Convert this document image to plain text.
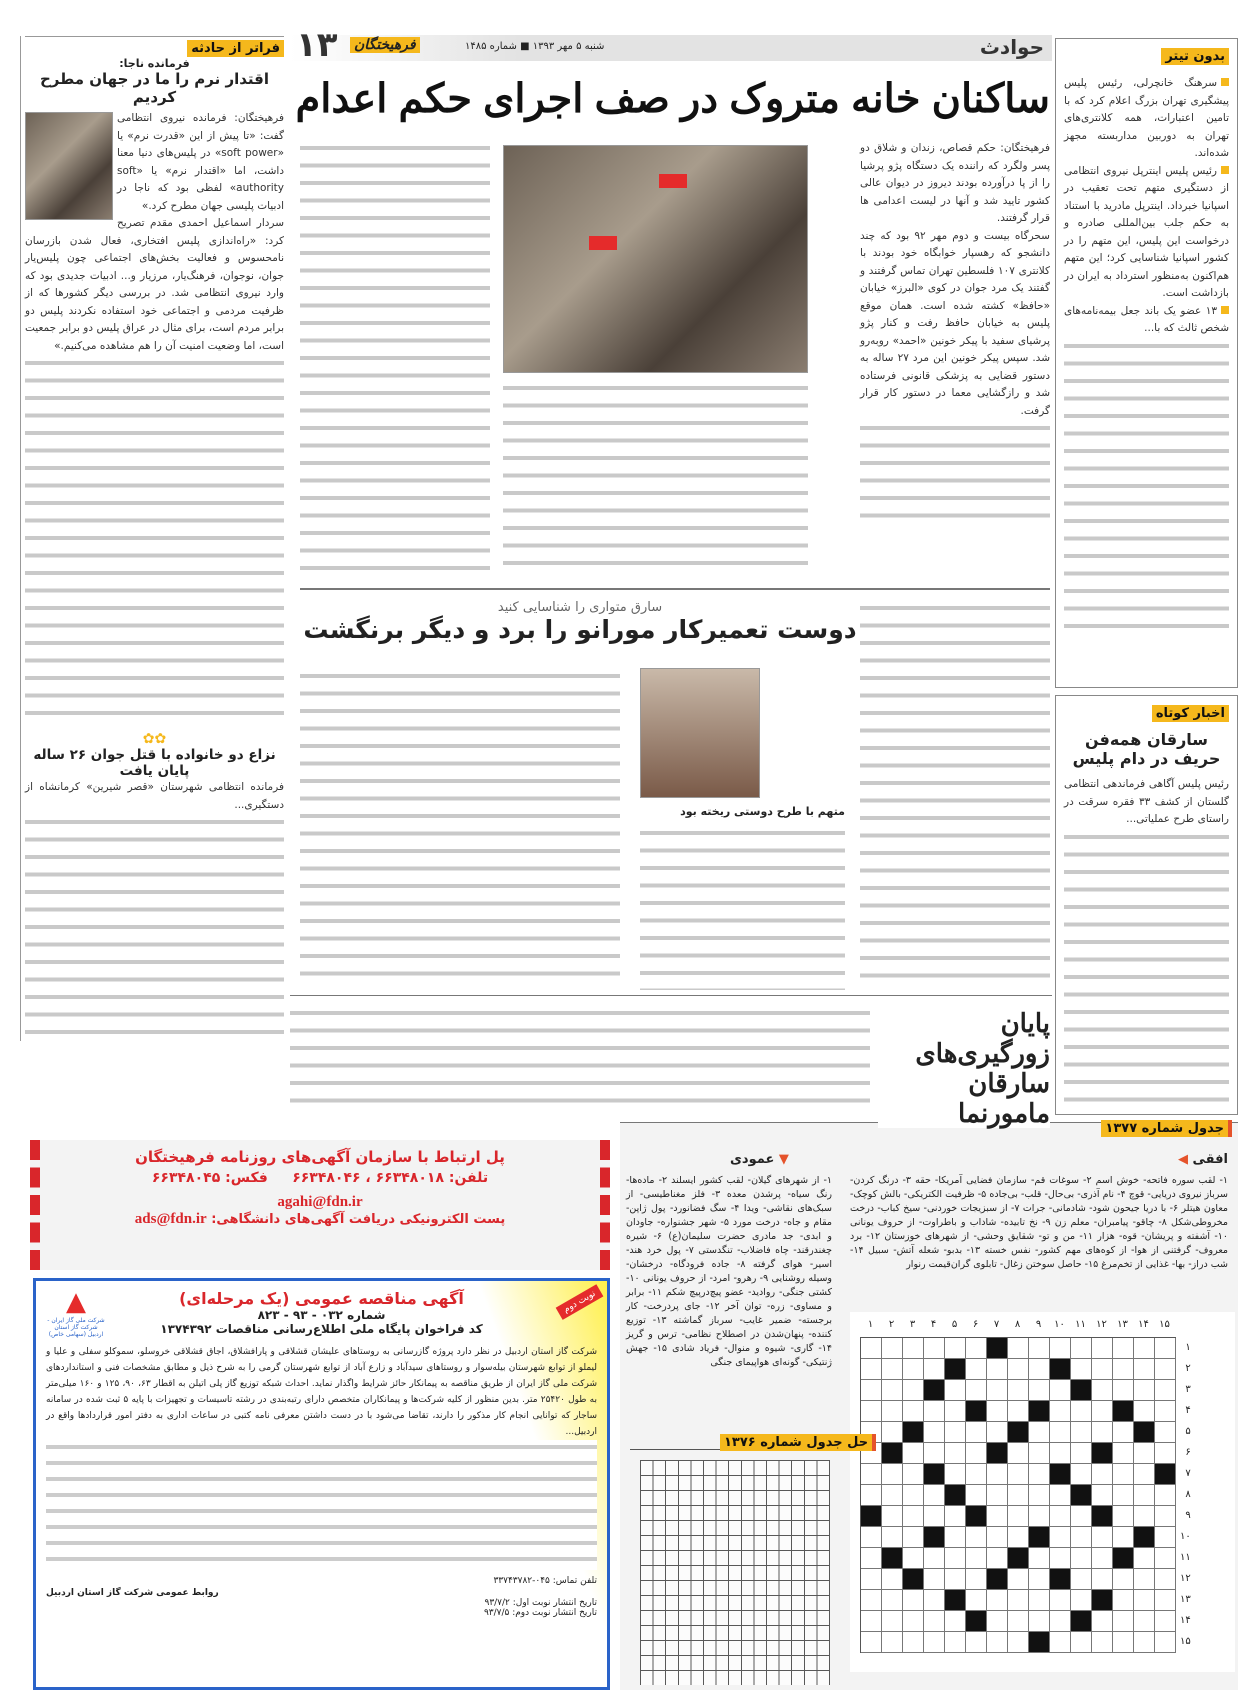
حوادث
شنبه ۵ مهر ۱۳۹۳ ■ شماره ۱۴۸۵
فرهیختگان
۱۳	بدون تیتر

سرهنگ خانچرلی، رئیس پلیس پیشگیری تهران بزرگ اعلام کرد که با تامین اعتبارات، همه کلانتری‌های تهران به دوربین مداربسته مجهز شده‌اند.

رئیس پلیس اینترپل نیروی انتظامی از دستگیری متهم تحت تعقیب در اسپانیا خبرداد. اینترپل مادرید با استناد به حکم جلب بین‌المللی صادره و درخواست این پلیس، این متهم را در کشور اسپانیا شناسایی کرد؛ این متهم هم‌اکنون به‌منظور استرداد به ایران در بازداشت است.

۱۳ عضو یک باند جعل بیمه‌نامه‌های شخص ثالث که با...

اخبار کوتاه
سارقان همه‌فن حریف در دام پلیس

رئیس پلیس آگاهی فرماندهی انتظامی گلستان از کشف ۳۳ فقره سرقت در راستای طرح عملیاتی...

فراتر از حادثه
فرمانده ناجا:
اقتدار نرم را ما در جهان مطرح کردیم

فرهیختگان: فرمانده نیروی انتظامی گفت: «تا پیش از این «قدرت نرم» یا «soft power» در پلیس‌های دنیا معنا داشت، اما «اقتدار نرم» یا «soft authority» لفظی بود که ناجا در ادبیات پلیسی جهان مطرح کرد.»

سردار اسماعیل احمدی مقدم تصریح کرد: «راه‌اندازی پلیس افتخاری، فعال شدن بازرسان نامحسوس و فعالیت بخش‌های اجتماعی چون پلیس‌یار جوان، نوجوان، فرهنگ‌یار، مرزیار و... ادبیات جدیدی بود که وارد نیروی انتظامی شد. در بررسی دیگر کشورها که از ظرفیت مردمی و اجتماعی خود استفاده نکردند پلیس دو برابر مردم است، برای مثال در عراق پلیس دو برابر جمعیت است، اما وضعیت امنیت آن را هم مشاهده می‌کنیم.»

✿✿
نزاع دو خانواده با قتل جوان ۲۶ ساله پایان یافت

فرمانده انتظامی شهرستان «قصر شیرین» کرمانشاه از دستگیری...

ساکنان خانه متروک در صف اجرای حکم اعدام

فرهیختگان: حکم قصاص، زندان و شلاق دو پسر ولگرد که راننده یک دستگاه پژو پرشیا را از پا درآورده بودند دیروز در دیوان عالی کشور تایید شد و آنها در لیست اعدامی ها قرار گرفتند.

سحرگاه بیست و دوم مهر ۹۲ بود که چند دانشجو که رهسپار خوابگاه خود بودند با کلانتری ۱۰۷ فلسطین تهران تماس گرفتند و گفتند یک مرد جوان در کوی «البرز» خیابان «حافظ» کشته شده است. همان موقع پلیس به خیابان حافظ رفت و کنار پژو پرشیای سفید با پیکر خونین «احمد» روبه‌رو شد. سپس پیکر خونین این مرد ۲۷ ساله به دستور قضایی به پزشکی قانونی فرستاده شد و رازگشایی معما در دستور کار قرار گرفت.

سارق متواری را شناسایی کنید
دوست تعمیرکار مورانو را برد و دیگر برنگشت
متهم با طرح دوستی ریخته بود
پایان زورگیری‌های سارقان مامورنما
پل ارتباط با سازمان آگهی‌های روزنامه فرهیختگان
تلفن: ۶۶۳۴۸۰۱۸ ، ۶۶۳۴۸۰۴۶     فکس: ۶۶۳۴۸۰۴۵
agahi@fdn.ir
پست الکترونیکی دریافت آگهی‌های دانشگاهی: ads@fdn.ir
نوبت دوم
▲
شرکت ملی گاز ایران - شرکت گاز استان اردبیل (سهامی خاص)
آگهی مناقصه عمومی (یک مرحله‌ای)
شماره ۰۳۲ - ۹۳ - ۸۲۳
کد فراخوان پایگاه ملی اطلاع‌رسانی مناقصات ۱۳۷۴۳۹۲

شرکت گاز استان اردبیل در نظر دارد پروژه گازرسانی به روستاهای علیشان قشلاقی و پارافشلاق، اجاق قشلاقی خروسلو، سموکلو سفلی و علیا و لیملو از توابع شهرستان بیله‌سوار و روستاهای سیدآباد و زارع آباد از توابع شهرستان گرمی را به شرح ذیل و مطابق مشخصات فنی و استانداردهای شرکت ملی گاز ایران از طریق مناقصه به پیمانکار حائز شرایط واگذار نماید. احداث شبکه توزیع گاز پلی اتیلن به اقطار ۶۳، ۹۰، ۱۲۵ و ۱۶۰ میلی‌متر به طول ۲۵۴۲۰ متر. بدین منظور از کلیه شرکت‌ها و پیمانکاران متخصص دارای رتبه‌بندی در رشته تاسیسات و تجهیزات با پایه ۵ ثبت شده در سامانه ساجار که توانایی انجام کار مذکور را دارند، تقاضا می‌شود با در دست داشتن معرفی نامه کتبی در ساعات اداری به دفتر امور قراردادها واقع در اردبیل...

تلفن تماس: ۰۴۵-۳۳۷۴۳۷۸۲
تاریخ انتشار نوبت اول: ۹۳/۷/۲
تاریخ انتشار نوبت دوم: ۹۳/۷/۵
روابط عمومی شرکت گاز استان اردبیل
جدول شماره ۱۳۷۷
افقی ◀

۱- لقب سوره فاتحه- خوش اسم ۲- سوغات قم- سازمان فضایی آمریکا- حقه ۳- درنگ کردن- سرباز نیروی دریایی- قوچ ۴- نام آذری- بی‌حال- قلب- بی‌جاده ۵- ظرفیت الکتریکی- بالش کوچک- معاون هیتلر ۶- با دریا جیحون شود- شادمانی- جرات ۷- از سبزیجات خوردنی- سیخ کباب- درخت مخروطی‌شکل ۸- چاقو- پیامبران- معلم زن ۹- نخ تابیده- شاداب و باطراوت- از حروف یونانی ۱۰- آشفته و پریشان- قوه- هزار ۱۱- من و تو- شقایق وحشی- از شهرهای خوزستان ۱۲- برد معروف- گرفتنی از هوا- از کوه‌های مهم کشور- نفس خسته ۱۳- بدبو- شعله آتش- سبیل ۱۴- شب دراز- بها- غذایی از تخم‌مرغ ۱۵- حاصل سوختن زغال- تابلوی گران‌قیمت رنوار

▼ عمودی

۱- از شهرهای گیلان- لقب کشور ایسلند ۲- ماده‌ها- رنگ سیاه- پرشدن معده ۳- فلز مغناطیسی- از سبک‌های نقاشی- ویدا ۴- سگ فضانورد- پول ژاپن- مقام و جاه- درخت مورد ۵- شهر جشنواره- جاودان و ابدی- جد مادری حضرت سلیمان(ع) ۶- شیره چغندرقند- چاه فاضلاب- تنگدستی ۷- پول خرد هند- اسیر- هوای گرفته ۸- جاده فرودگاه- درخشان- وسیله روشنایی ۹- رهرو- امرد- از حروف یونانی ۱۰- کشتی جنگی- روادید- عضو پیچ‌درپیچ شکم ۱۱- برابر و مساوی- زره- توان آخر ۱۲- جای پردرخت- کار برجسته- ضمیر غایب- سرباز گماشته ۱۳- توزیع کننده- پنهان‌شدن در اصطلاح نظامی- ترس و گریز ۱۴- گاری- شیوه و منوال- فریاد شادی ۱۵- جهش ژنتیکی- گونه‌ای هواپیمای جنگی

۱	۲	۳	۴	۵	۶	۷	۸	۹	۱۰	۱۱	۱۲	۱۳	۱۴	۱۵
۱
۲
۳
۴
۵
۶
۷
۸
۹
۱۰
۱۱
۱۲
۱۳
۱۴
۱۵
حل جدول شماره ۱۳۷۶
